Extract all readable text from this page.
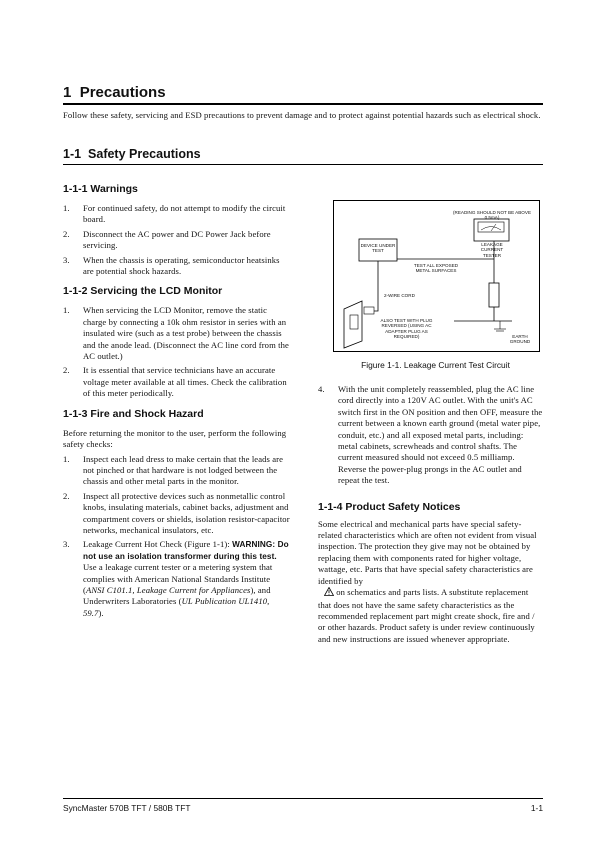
1 Precautions
Follow these safety, servicing and ESD precautions to prevent damage and to protect against potential hazards such as electrical shock.
1-1 Safety Precautions
1-1-1 Warnings
1. For continued safety, do not attempt to modify the circuit board.
2. Disconnect the AC power and DC Power Jack before servicing.
3. When the chassis is operating, semiconductor heatsinks are potential shock hazards.
1-1-2 Servicing the LCD Monitor
1. When servicing the LCD Monitor, remove the static charge by connecting a 10k ohm resistor in series with an insulated wire (such as a test probe) between the chassis and the anode lead. (Disconnect the AC line cord from the AC outlet.)
2. It is essential that service technicians have an accurate voltage meter available at all times. Check the calibration of this meter periodically.
1-1-3 Fire and Shock Hazard
Before returning the monitor to the user, perform the following safety checks:
1. Inspect each lead dress to make certain that the leads are not pinched or that hardware is not lodged between the chassis and other metal parts in the monitor.
2. Inspect all protective devices such as nonmetallic control knobs, insulating materials, cabinet backs, adjustment and compartment covers or shields, isolation resistor-capacitor networks, mechanical insulators, etc.
3. Leakage Current Hot Check (Figure 1-1): WARNING: Do not use an isolation transformer during this test.
Use a leakage current tester or a metering system that complies with American National Standards Institute (ANSI C101.1, Leakage Current for Appliances), and Underwriters Laboratories (UL Publication UL1410, 59.7).
(READING SHOULD NOT BE ABOVE 0.5mA)
LEAKAGE CURRENT TESTER
DEVICE UNDER TEST
TEST ALL EXPOSED METAL SURFACES
2-WIRE CORD
ALSO TEST WITH PLUG REVERSED (USING AC ADAPTER PLUG AS REQUIRED)	EARTH GROUND
Figure 1-1. Leakage Current Test Circuit
4. With the unit completely reassembled, plug the AC line cord directly into a 120V AC outlet. With the unit's AC switch first in the ON position and then OFF, measure the current between a known earth ground (metal water pipe, conduit, etc.) and all exposed metal parts, including: metal cabinets, screwheads and control shafts. The current measured should not exceed 0.5 milliamp. Reverse the power-plug prongs in the AC outlet and repeat the test.
1-1-4 Product Safety Notices
Some electrical and mechanical parts have special safety-related characteristics which are often not evident from visual inspection. The protection they give may not be obtained by replacing them with components rated for higher voltage, wattage, etc. Parts that have special safety characteristics are identified by
on schematics and parts lists. A substitute replacement that does not have the same safety characteristics as the recommended replacement part might create shock, fire and / or other hazards. Product safety is under review continuously and new instructions are issued whenever appropriate.
SyncMaster 570B TFT / 580B TFT	1-1
